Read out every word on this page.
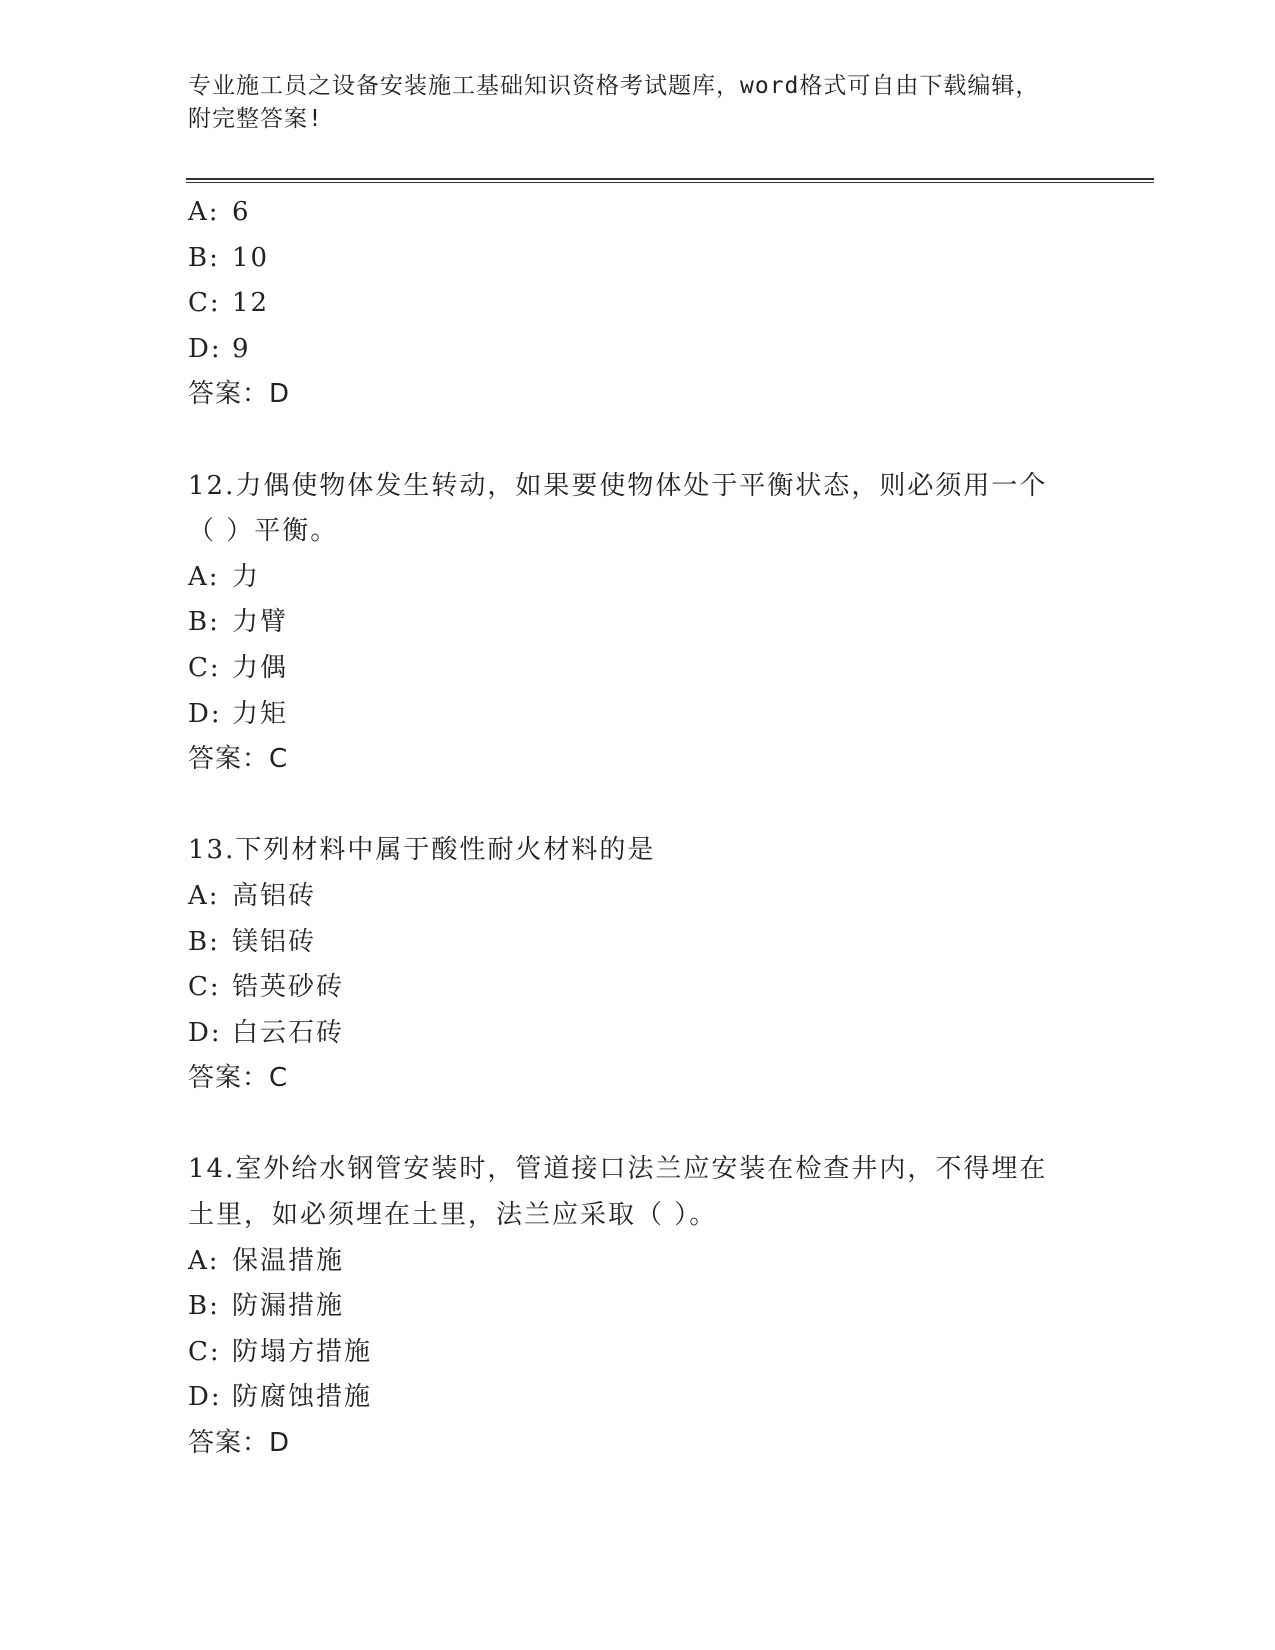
专业施工员之设备安装施工基础知识资格考试题库，word格式可自由下载编辑，
附完整答案!
A: 6
B: 10
C: 12
D: 9
答案：D
12.力偶使物体发生转动，如果要使物体处于平衡状态，则必须用一个
（ ）平衡。
A: 力
B: 力臂
C: 力偶
D: 力矩
答案：C
13.下列材料中属于酸性耐火材料的是
A: 高铝砖
B: 镁铝砖
C: 锆英砂砖
D: 白云石砖
答案：C
14.室外给水钢管安装时，管道接口法兰应安装在检查井内，不得埋在
土里，如必须埋在土里，法兰应采取（ ）。
A: 保温措施
B: 防漏措施
C: 防塌方措施
D: 防腐蚀措施
答案：D
